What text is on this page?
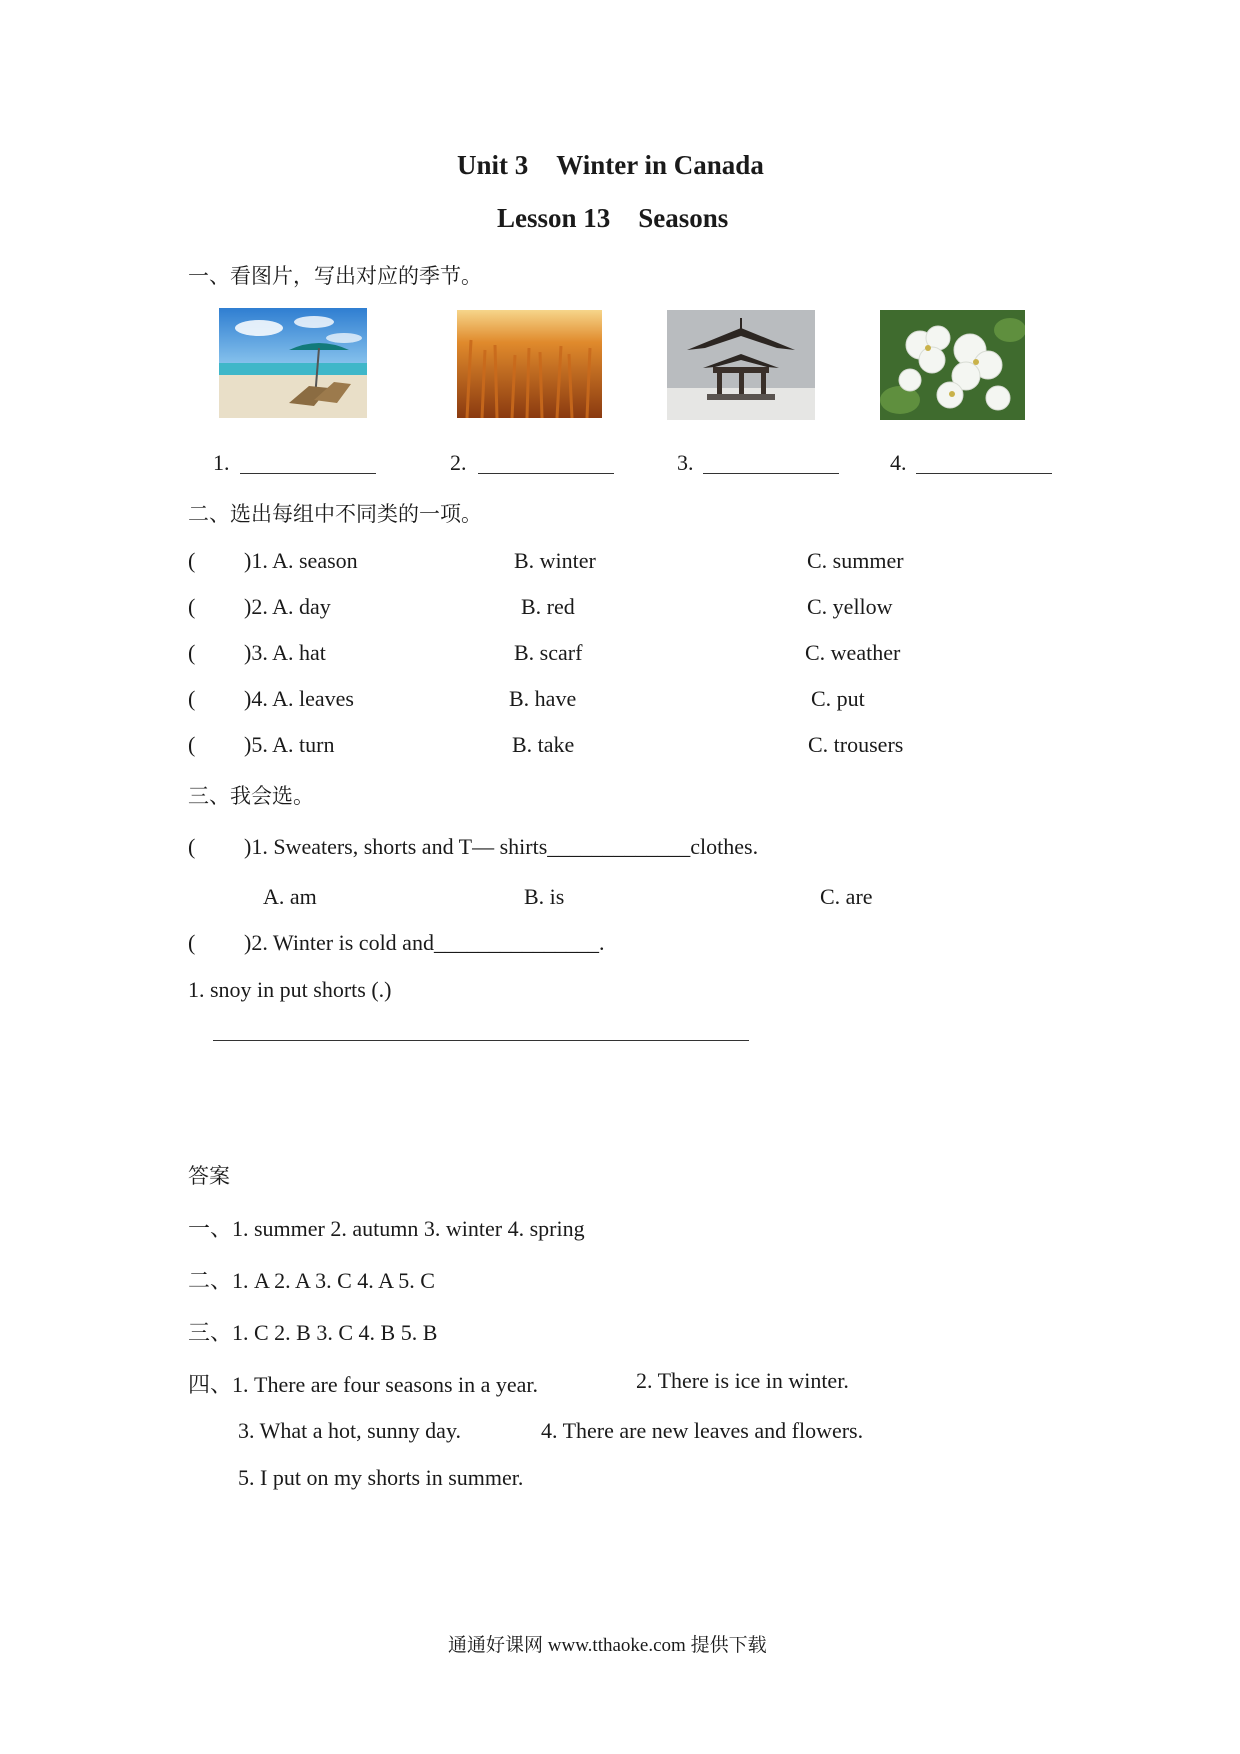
Unit 3 Winter in Canada
Lesson 13 Seasons
一、看图片，写出对应的季节。
1.	2.	3.	4.
二、选出每组中不同类的一项。
( )1. A. season	B. winter	C. summer
( )2. A. day	B. red	C. yellow
( )3. A. hat	B. scarf	C. weather
( )4. A. leaves	B. have	C. put
( )5. A. turn	B. take	C. trousers
三、我会选。
( )1. Sweaters, shorts and T— shirts_____________clothes.
A. am	B. is	C. are
( )2. Winter is cold and_______________.
1. snoy in put shorts (.)
答案
一、1. summer 2. autumn 3. winter 4. spring
二、1. A 2. A 3. C 4. A 5. C
三、1. C 2. B 3. C 4. B 5. B
四、1. There are four seasons in a year.	2. There is ice in winter.
3. What a hot, sunny day.	4. There are new leaves and flowers.
5. I put on my shorts in summer.
通通好课网 www.tthaoke.com 提供下载
